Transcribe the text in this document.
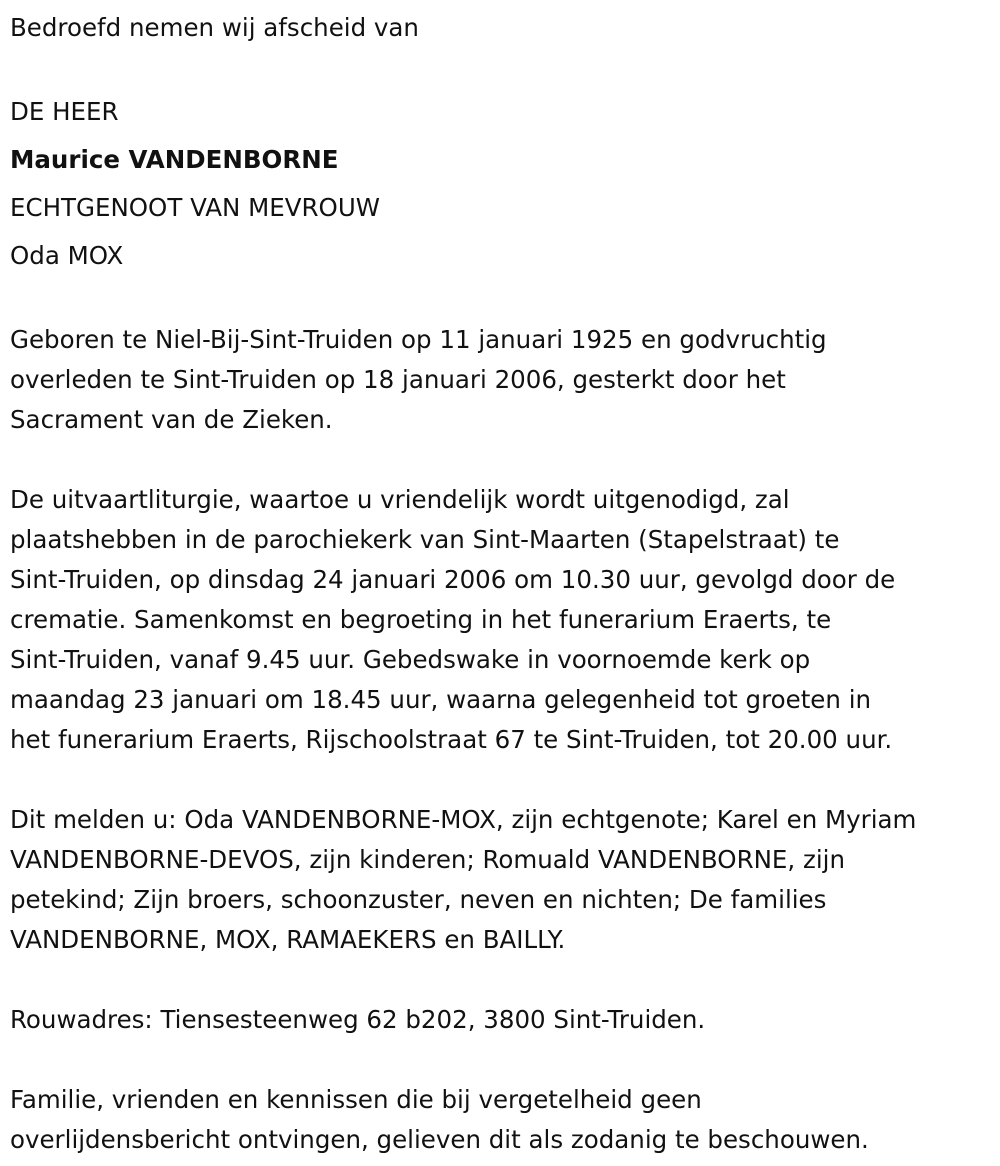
Bedroefd nemen wij afscheid van
DE HEER
Maurice VANDENBORNE
ECHTGENOOT VAN MEVROUW
Oda MOX
Geboren te Niel-Bij-Sint-Truiden op 11 januari 1925 en godvruchtig
overleden te Sint-Truiden op 18 januari 2006, gesterkt door het
Sacrament van de Zieken.
De uitvaartliturgie, waartoe u vriendelijk wordt uitgenodigd, zal
plaatshebben in de parochiekerk van Sint-Maarten (Stapelstraat) te
Sint-Truiden, op dinsdag 24 januari 2006 om 10.30 uur, gevolgd door de
crematie. Samenkomst en begroeting in het funerarium Eraerts, te
Sint-Truiden, vanaf 9.45 uur. Gebedswake in voornoemde kerk op
maandag 23 januari om 18.45 uur, waarna gelegenheid tot groeten in
het funerarium Eraerts, Rijschoolstraat 67 te Sint-Truiden, tot 20.00 uur.
Dit melden u: Oda VANDENBORNE-MOX, zijn echtgenote; Karel en Myriam
VANDENBORNE-DEVOS, zijn kinderen; Romuald VANDENBORNE, zijn
petekind; Zijn broers, schoonzuster, neven en nichten; De families
VANDENBORNE, MOX, RAMAEKERS en BAILLY.
Rouwadres: Tiensesteenweg 62 b202, 3800 Sint-Truiden.
Familie, vrienden en kennissen die bij vergetelheid geen
overlijdensbericht ontvingen, gelieven dit als zodanig te beschouwen.
